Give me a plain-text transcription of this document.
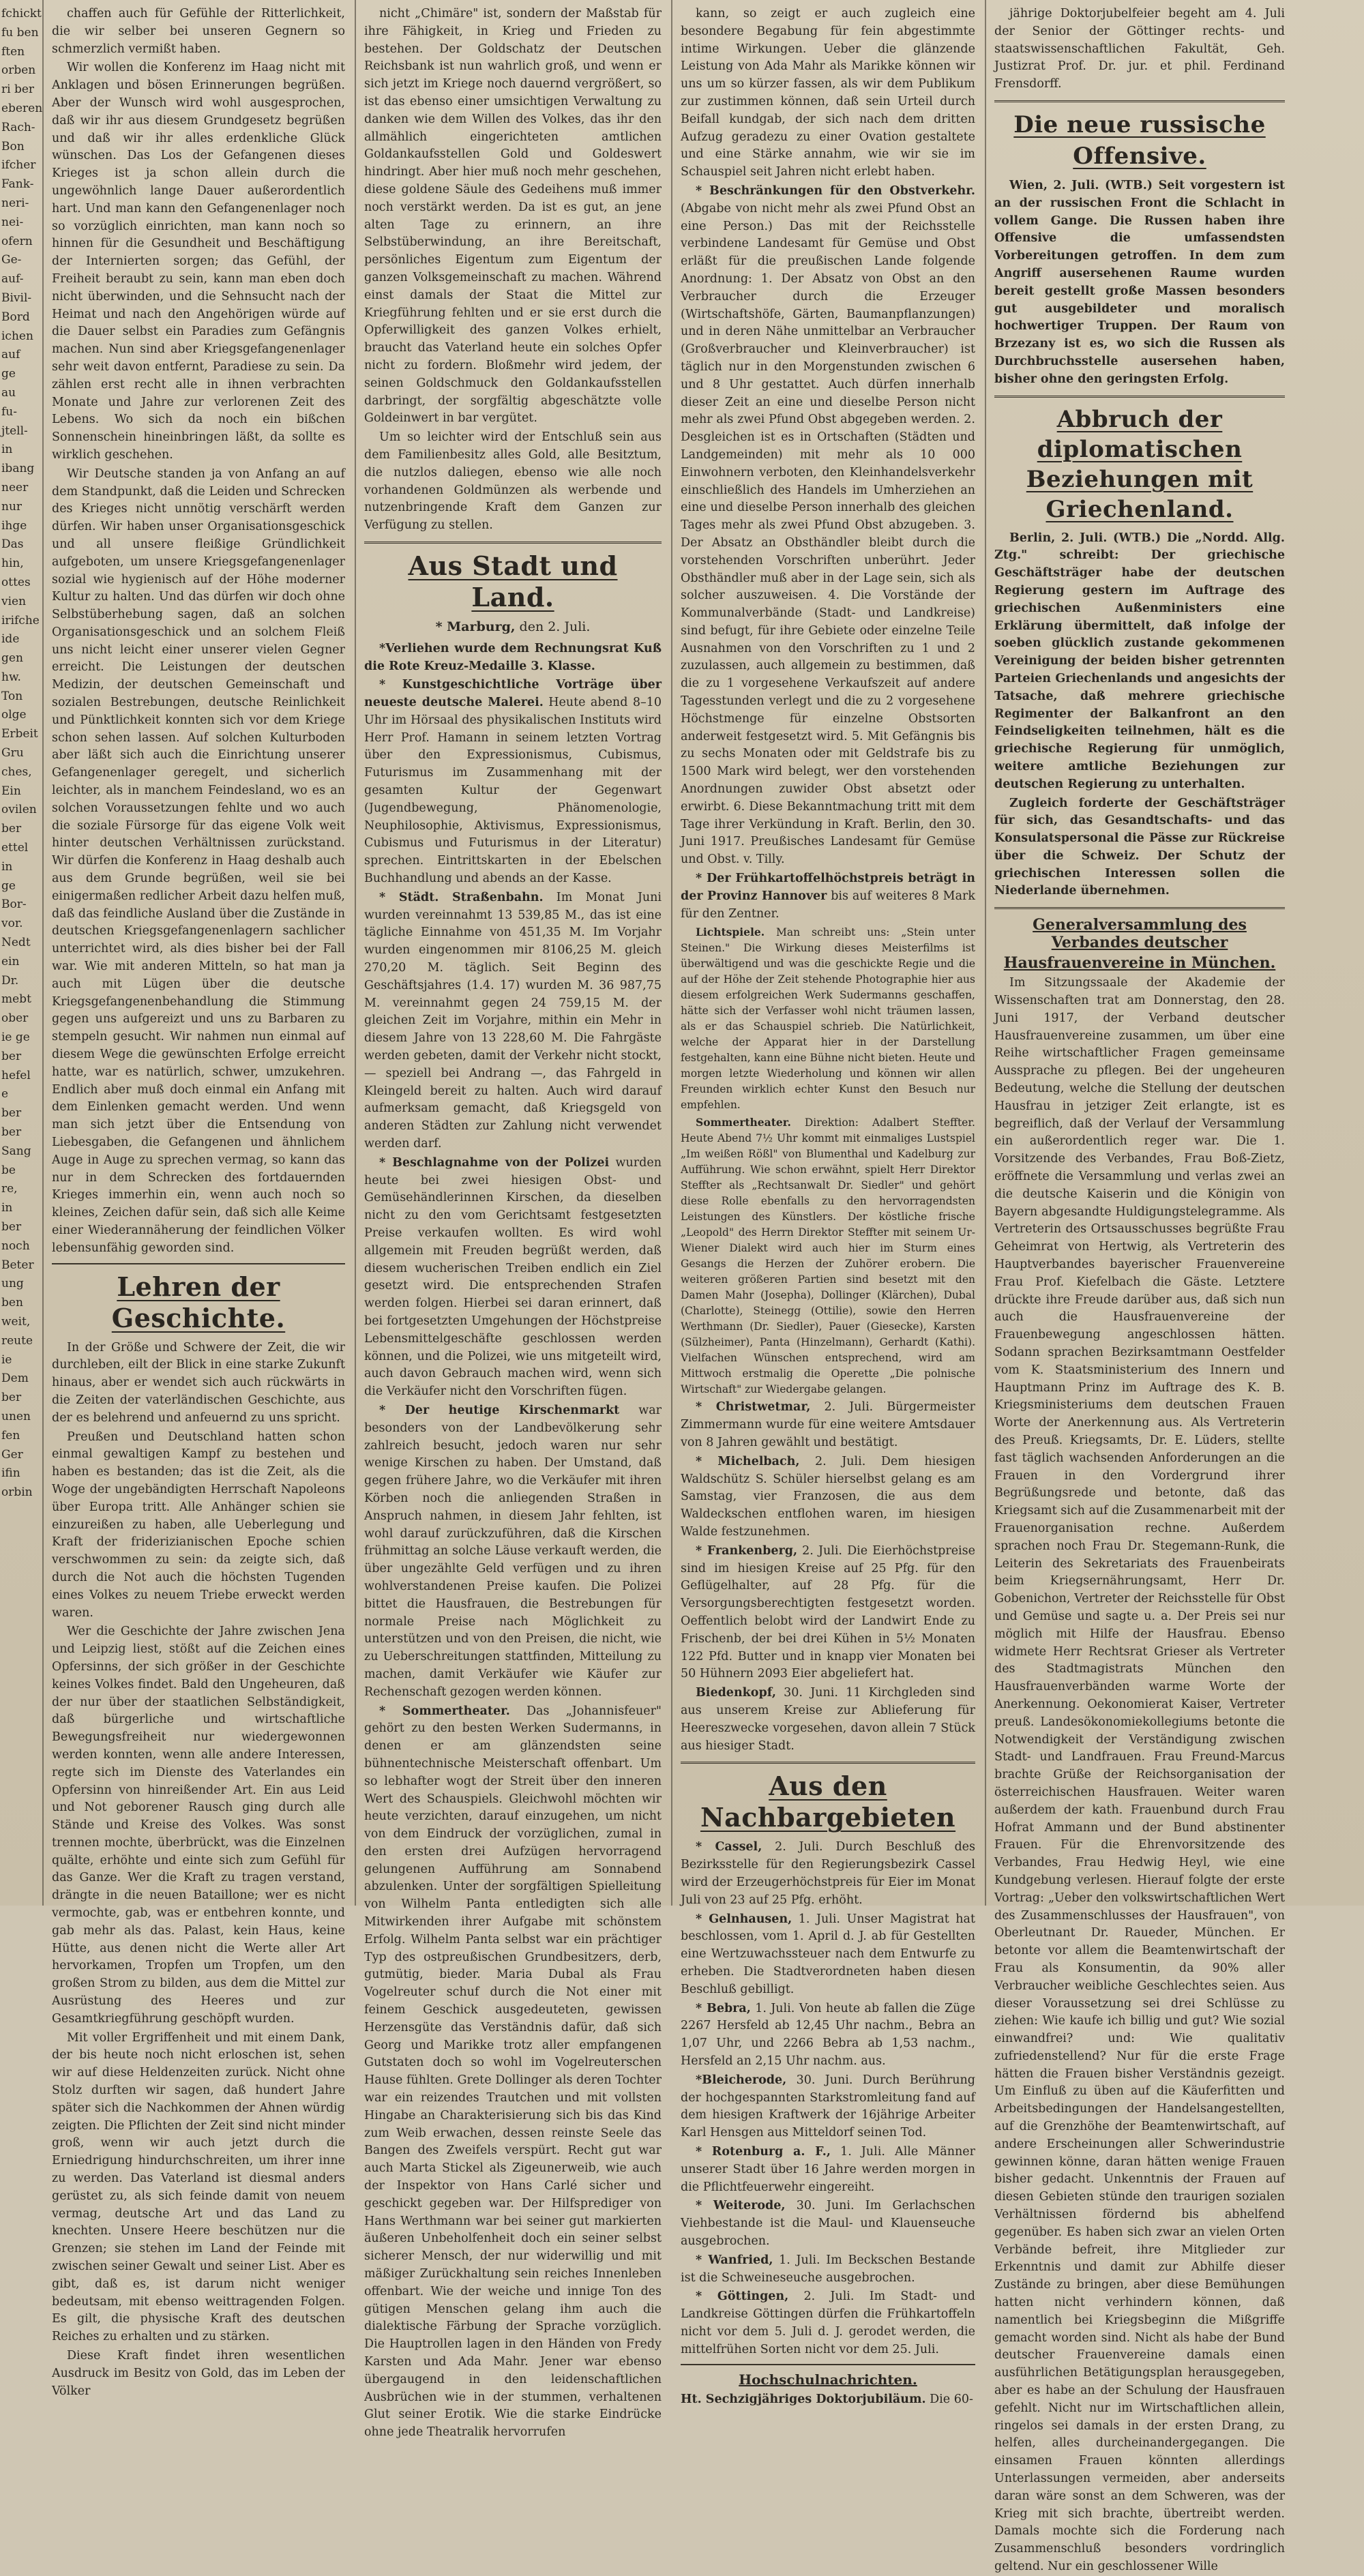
fchickt

fu ben

ften

orben

ri ber

eberen

Rach-

Bon

ifcher

Fank-

neri-

nei-

ofern

Ge-

auf-

Bivil-

Bord

ichen

auf

ge

au

fu-

jtell-

in

ibang

neer

nur

ihge

Das

hin,

ottes

vien

irifche

ide

gen

hw.

Ton

olge

Erbeit

Gru

ches,

Ein

ovilen

ber

ettel

in

ge

Bor-

vor.

Nedt

ein

Dr.

mebt

ober

ie ge

ber

hefel

e

ber

ber

Sang

be

re,

in

ber

noch

Beter

ung

ben

weit,

reute

ie

Dem

ber

unen

fen

Ger

ifin

orbin

chaffen auch für Gefühle der Ritterlichkeit, die wir selber bei unseren Gegnern so schmerzlich vermißt haben.

Wir wollen die Konferenz im Haag nicht mit Anklagen und bösen Erinnerungen begrüßen. Aber der Wunsch wird wohl ausgesprochen, daß wir ihr aus diesem Grundgesetz begrüßen und daß wir ihr alles erdenkliche Glück wünschen. Das Los der Gefangenen dieses Krieges ist ja schon allein durch die ungewöhnlich lange Dauer außerordentlich hart. Und man kann den Gefangenenlager noch so vorzüglich einrichten, man kann noch so hinnen für die Gesundheit und Beschäftigung der Internierten sorgen; das Gefühl, der Freiheit beraubt zu sein, kann man eben doch nicht überwinden, und die Sehnsucht nach der Heimat und nach den Angehörigen würde auf die Dauer selbst ein Paradies zum Gefängnis machen. Nun sind aber Kriegsgefangenenlager sehr weit davon entfernt, Paradiese zu sein. Da zählen erst recht alle in ihnen verbrachten Monate und Jahre zur verlorenen Zeit des Lebens. Wo sich da noch ein bißchen Sonnenschein hineinbringen läßt, da sollte es wirklich geschehen.

Wir Deutsche standen ja von Anfang an auf dem Standpunkt, daß die Leiden und Schrecken des Krieges nicht unnötig verschärft werden dürfen. Wir haben unser Organisationsgeschick und all unsere fleißige Gründlichkeit aufgeboten, um unsere Kriegsgefangenenlager sozial wie hygienisch auf der Höhe moderner Kultur zu halten. Und das dürfen wir doch ohne Selbstüberhebung sagen, daß an solchen Organisationsgeschick und an solchem Fleiß uns nicht leicht einer unserer vielen Gegner erreicht. Die Leistungen der deutschen Medizin, der deutschen Gemeinschaft und sozialen Bestrebungen, deutsche Reinlichkeit und Pünktlichkeit konnten sich vor dem Kriege schon sehen lassen. Auf solchen Kulturboden aber läßt sich auch die Einrichtung unserer Gefangenenlager geregelt, und sicherlich leichter, als in manchem Feindesland, wo es an solchen Voraussetzungen fehlte und wo auch die soziale Fürsorge für das eigene Volk weit hinter deutschen Verhältnissen zurückstand. Wir dürfen die Konferenz in Haag deshalb auch aus dem Grunde begrüßen, weil sie bei einigermaßen redlicher Arbeit dazu helfen muß, daß das feindliche Ausland über die Zustände in deutschen Kriegsgefangenenlagern sachlicher unterrichtet wird, als dies bisher bei der Fall war. Wie mit anderen Mitteln, so hat man ja auch mit Lügen über die deutsche Kriegsgefangenenbehandlung die Stimmung gegen uns aufgereizt und uns zu Barbaren zu stempeln gesucht. Wir nahmen nun einmal auf diesem Wege die gewünschten Erfolge erreicht hatte, war es natürlich, schwer, umzukehren. Endlich aber muß doch einmal ein Anfang mit dem Einlenken gemacht werden. Und wenn man sich jetzt über die Entsendung von Liebesgaben, die Gefangenen und ähnlichem Auge in Auge zu sprechen vermag, so kann das nur in dem Schrecken des fortdauernden Krieges immerhin ein, wenn auch noch so kleines, Zeichen dafür sein, daß sich alle Keime einer Wiederannäherung der feindlichen Völker lebensunfähig geworden sind.

Lehren der Geschichte.

In der Größe und Schwere der Zeit, die wir durchleben, eilt der Blick in eine starke Zukunft hinaus, aber er wendet sich auch rückwärts in die Zeiten der vaterländischen Geschichte, aus der es belehrend und anfeuernd zu uns spricht.

Preußen und Deutschland hatten schon einmal gewaltigen Kampf zu bestehen und haben es bestanden; das ist die Zeit, als die Woge der ungebändigten Herrschaft Napoleons über Europa tritt. Alle Anhänger schien sie einzureißen zu haben, alle Ueberlegung und Kraft der friderizianischen Epoche schien verschwommen zu sein: da zeigte sich, daß durch die Not auch die höchsten Tugenden eines Volkes zu neuem Triebe erweckt werden waren.

Wer die Geschichte der Jahre zwischen Jena und Leipzig liest, stößt auf die Zeichen eines Opfersinns, der sich größer in der Geschichte keines Volkes findet. Bald den Ungeheuren, daß der nur über der staatlichen Selbständigkeit, daß bürgerliche und wirtschaftliche Bewegungsfreiheit nur wiedergewonnen werden konnten, wenn alle andere Interessen, regte sich im Dienste des Vaterlandes ein Opfersinn von hinreißender Art. Ein aus Leid und Not geborener Rausch ging durch alle Stände und Kreise des Volkes. Was sonst trennen mochte, überbrückt, was die Einzelnen quälte, erhöhte und einte sich zum Gefühl für das Ganze. Wer die Kraft zu tragen verstand, drängte in die neuen Bataillone; wer es nicht vermochte, gab, was er entbehren konnte, und gab mehr als das. Palast, kein Haus, keine Hütte, aus denen nicht die Werte aller Art hervorkamen, Tropfen um Tropfen, um den großen Strom zu bilden, aus dem die Mittel zur Ausrüstung des Heeres und zur Gesamtkriegführung geschöpft wurden.

Mit voller Ergriffenheit und mit einem Dank, der bis heute noch nicht erloschen ist, sehen wir auf diese Heldenzeiten zurück. Nicht ohne Stolz durften wir sagen, daß hundert Jahre später sich die Nachkommen der Ahnen würdig zeigten. Die Pflichten der Zeit sind nicht minder groß, wenn wir auch jetzt durch die Erniedrigung hindurchschreiten, um ihrer inne zu werden. Das Vaterland ist diesmal anders gerüstet zu, als sich feinde damit von neuem vermag, deutsche Art und das Land zu knechten. Unsere Heere beschützen nur die Grenzen; sie stehen im Land der Feinde mit zwischen seiner Gewalt und seiner List. Aber es gibt, daß es, ist darum nicht weniger bedeutsam, mit ebenso weittragenden Folgen. Es gilt, die physische Kraft des deutschen Reiches zu erhalten und zu stärken.

Diese Kraft findet ihren wesentlichen Ausdruck im Besitz von Gold, das im Leben der Völker

nicht „Chimäre" ist, sondern der Maßstab für ihre Fähigkeit, in Krieg und Frieden zu bestehen. Der Goldschatz der Deutschen Reichsbank ist nun wahrlich groß, und wenn er sich jetzt im Kriege noch dauernd vergrößert, so ist das ebenso einer umsichtigen Verwaltung zu danken wie dem Willen des Volkes, das ihr den allmählich eingerichteten amtlichen Goldankaufsstellen Gold und Goldeswert hindringt. Aber hier muß noch mehr geschehen, diese goldene Säule des Gedeihens muß immer noch verstärkt werden. Da ist es gut, an jene alten Tage zu erinnern, an ihre Selbstüberwindung, an ihre Bereitschaft, persönliches Eigentum zum Eigentum der ganzen Volksgemeinschaft zu machen. Während einst damals der Staat die Mittel zur Kriegführung fehlten und er sie erst durch die Opferwilligkeit des ganzen Volkes erhielt, braucht das Vaterland heute ein solches Opfer nicht zu fordern. Bloßmehr wird jedem, der seinen Goldschmuck den Goldankaufsstellen darbringt, der sorgfältig abgeschätzte volle Goldeinwert in bar vergütet.

Um so leichter wird der Entschluß sein aus dem Familienbesitz alles Gold, alle Besitztum, die nutzlos daliegen, ebenso wie alle noch vorhandenen Goldmünzen als werbende und nutzenbringende Kraft dem Ganzen zur Verfügung zu stellen.

Aus Stadt und Land.
* Marburg, den 2. Juli.

*Verliehen wurde dem Rechnungsrat Kuß die Rote Kreuz-Medaille 3. Klasse.

* Kunstgeschichtliche Vorträge über neueste deutsche Malerei. Heute abend 8–10 Uhr im Hörsaal des physikalischen Instituts wird Herr Prof. Hamann in seinem letzten Vortrag über den Expressionismus, Cubismus, Futurismus im Zusammenhang mit der gesamten Kultur der Gegenwart (Jugendbewegung, Phänomenologie, Neuphilosophie, Aktivismus, Expressionismus, Cubismus und Futurismus in der Literatur) sprechen. Eintrittskarten in der Ebelschen Buchhandlung und abends an der Kasse.

* Städt. Straßenbahn. Im Monat Juni wurden vereinnahmt 13 539,85 M., das ist eine tägliche Einnahme von 451,35 M. Im Vorjahr wurden eingenommen mir 8106,25 M. gleich 270,20 M. täglich. Seit Beginn des Geschäftsjahres (1.4. 17) wurden M. 36 987,75 M. vereinnahmt gegen 24 759,15 M. der gleichen Zeit im Vorjahre, mithin ein Mehr in diesem Jahre von 13 228,60 M. Die Fahrgäste werden gebeten, damit der Verkehr nicht stockt, — speziell bei Andrang —, das Fahrgeld in Kleingeld bereit zu halten. Auch wird darauf aufmerksam gemacht, daß Kriegsgeld von anderen Städten zur Zahlung nicht verwendet werden darf.

* Beschlagnahme von der Polizei wurden heute bei zwei hiesigen Obst- und Gemüsehändlerinnen Kirschen, da dieselben nicht zu den vom Gerichtsamt festgesetzten Preise verkaufen wollten. Es wird wohl allgemein mit Freuden begrüßt werden, daß diesem wucherischen Treiben endlich ein Ziel gesetzt wird. Die entsprechenden Strafen werden folgen. Hierbei sei daran erinnert, daß bei fortgesetzten Umgehungen der Höchstpreise Lebensmittelgeschäfte geschlossen werden können, und die Polizei, wie uns mitgeteilt wird, auch davon Gebrauch machen wird, wenn sich die Verkäufer nicht den Vorschriften fügen.

* Der heutige Kirschenmarkt war besonders von der Landbevölkerung sehr zahlreich besucht, jedoch waren nur sehr wenige Kirschen zu haben. Der Umstand, daß gegen frühere Jahre, wo die Verkäufer mit ihren Körben noch die anliegenden Straßen in Anspruch nahmen, in diesem Jahr fehlten, ist wohl darauf zurückzuführen, daß die Kirschen frühmittag an solche Läuse verkauft werden, die über ungezählte Geld verfügen und zu ihren wohlverstandenen Preise kaufen. Die Polizei bittet die Hausfrauen, die Bestrebungen für normale Preise nach Möglichkeit zu unterstützen und von den Preisen, die nicht, wie zu Ueberschreitungen stattfinden, Mitteilung zu machen, damit Verkäufer wie Käufer zur Rechenschaft gezogen werden können.

* Sommertheater. Das „Johannisfeuer" gehört zu den besten Werken Sudermanns, in denen er am glänzendsten seine bühnentechnische Meisterschaft offenbart. Um so lebhafter wogt der Streit über den inneren Wert des Schauspiels. Gleichwohl möchten wir heute verzichten, darauf einzugehen, um nicht von dem Eindruck der vorzüglichen, zumal in den ersten drei Aufzügen hervorragend gelungenen Aufführung am Sonnabend abzulenken. Unter der sorgfältigen Spielleitung von Wilhelm Panta entledigten sich alle Mitwirkenden ihrer Aufgabe mit schönstem Erfolg. Wilhelm Panta selbst war ein prächtiger Typ des ostpreußischen Grundbesitzers, derb, gutmütig, bieder. Maria Dubal als Frau Vogelreuter schuf durch die Not einer mit feinem Geschick ausgedeuteten, gewissen Herzensgüte das Verständnis dafür, daß sich Georg und Marikke trotz aller empfangenen Gutstaten doch so wohl im Vogelreuterschen Hause fühlten. Grete Dollinger als deren Tochter war ein reizendes Trautchen und mit vollsten Hingabe an Charakterisierung sich bis das Kind zum Weib erwachen, dessen reinste Seele das Bangen des Zweifels verspürt. Recht gut war auch Marta Stickel als Zigeunerweib, wie auch der Inspektor von Hans Carlé sicher und geschickt gegeben war. Der Hilfsprediger von Hans Werthmann war bei seiner gut markierten äußeren Unbeholfenheit doch ein seiner selbst sicherer Mensch, der nur widerwillig und mit mäßiger Zurückhaltung sein reiches Innenleben offenbart. Wie der weiche und innige Ton des gütigen Menschen gelang ihm auch die dialektische Färbung der Sprache vorzüglich. Die Hauptrollen lagen in den Händen von Fredy Karsten und Ada Mahr. Jener war ebenso übergaugend in den leidenschaftlichen Ausbrüchen wie in der stummen, verhaltenen Glut seiner Erotik. Wie die starke Eindrücke ohne jede Theatralik hervorrufen

kann, so zeigt er auch zugleich eine besondere Begabung für fein abgestimmte intime Wirkungen. Ueber die glänzende Leistung von Ada Mahr als Marikke können wir uns um so kürzer fassen, als wir dem Publikum zur zustimmen können, daß sein Urteil durch Beifall kundgab, der sich nach dem dritten Aufzug geradezu zu einer Ovation gestaltete und eine Stärke annahm, wie wir sie im Schauspiel seit Jahren nicht erlebt haben.

* Beschränkungen für den Obstverkehr. (Abgabe von nicht mehr als zwei Pfund Obst an eine Person.) Das mit der Reichsstelle verbindene Landesamt für Gemüse und Obst erläßt für die preußischen Lande folgende Anordnung: 1. Der Absatz von Obst an den Verbraucher durch die Erzeuger (Wirtschaftshöfe, Gärten, Baumanpflanzungen) und in deren Nähe unmittelbar an Verbraucher (Großverbraucher und Kleinverbraucher) ist täglich nur in den Morgenstunden zwischen 6 und 8 Uhr gestattet. Auch dürfen innerhalb dieser Zeit an eine und dieselbe Person nicht mehr als zwei Pfund Obst abgegeben werden. 2. Desgleichen ist es in Ortschaften (Städten und Landgemeinden) mit mehr als 10 000 Einwohnern verboten, den Kleinhandelsverkehr einschließlich des Handels im Umherziehen an eine und dieselbe Person innerhalb des gleichen Tages mehr als zwei Pfund Obst abzugeben. 3. Der Absatz an Obsthändler bleibt durch die vorstehenden Vorschriften unberührt. Jeder Obsthändler muß aber in der Lage sein, sich als solcher auszuweisen. 4. Die Vorstände der Kommunalverbände (Stadt- und Landkreise) sind befugt, für ihre Gebiete oder einzelne Teile Ausnahmen von den Vorschriften zu 1 und 2 zuzulassen, auch allgemein zu bestimmen, daß die zu 1 vorgesehene Verkaufszeit auf andere Tagesstunden verlegt und die zu 2 vorgesehene Höchstmenge für einzelne Obstsorten anderweit festgesetzt wird. 5. Mit Gefängnis bis zu sechs Monaten oder mit Geldstrafe bis zu 1500 Mark wird belegt, wer den vorstehenden Anordnungen zuwider Obst absetzt oder erwirbt. 6. Diese Bekanntmachung tritt mit dem Tage ihrer Verkündung in Kraft. Berlin, den 30. Juni 1917. Preußisches Landesamt für Gemüse und Obst. v. Tilly.

* Der Frühkartoffelhöchstpreis beträgt in der Provinz Hannover bis auf weiteres 8 Mark für den Zentner.

Lichtspiele. Man schreibt uns: „Stein unter Steinen." Die Wirkung dieses Meisterfilms ist überwältigend und was die geschickte Regie und die auf der Höhe der Zeit stehende Photographie hier aus diesem erfolgreichen Werk Sudermanns geschaffen, hätte sich der Verfasser wohl nicht träumen lassen, als er das Schauspiel schrieb. Die Natürlichkeit, welche der Apparat hier in der Darstellung festgehalten, kann eine Bühne nicht bieten. Heute und morgen letzte Wiederholung und können wir allen Freunden wirklich echter Kunst den Besuch nur empfehlen.

Sommertheater. Direktion: Adalbert Steffter. Heute Abend 7½ Uhr kommt mit einmaliges Lustspiel „Im weißen Rößl" von Blumenthal und Kadelburg zur Aufführung. Wie schon erwähnt, spielt Herr Direktor Steffter als „Rechtsanwalt Dr. Siedler" und gehört diese Rolle ebenfalls zu den hervorragendsten Leistungen des Künstlers. Der köstliche frische „Leopold" des Herrn Direktor Steffter mit seinem Ur-Wiener Dialekt wird auch hier im Sturm eines Gesangs die Herzen der Zuhörer erobern. Die weiteren größeren Partien sind besetzt mit den Damen Mahr (Josepha), Dollinger (Klärchen), Dubal (Charlotte), Steinegg (Ottilie), sowie den Herren Werthmann (Dr. Siedler), Pauer (Giesecke), Karsten (Sülzheimer), Panta (Hinzelmann), Gerhardt (Kathi). Vielfachen Wünschen entsprechend, wird am Mittwoch erstmalig die Operette „Die polnische Wirtschaft" zur Wiedergabe gelangen.

* Christwetmar, 2. Juli. Bürgermeister Zimmermann wurde für eine weitere Amtsdauer von 8 Jahren gewählt und bestätigt.

* Michelbach, 2. Juli. Dem hiesigen Waldschütz S. Schüler hierselbst gelang es am Samstag, vier Franzosen, die aus dem Waldeckschen entflohen waren, im hiesigen Walde festzunehmen.

* Frankenberg, 2. Juli. Die Eierhöchstpreise sind im hiesigen Kreise auf 25 Pfg. für den Geflügelhalter, auf 28 Pfg. für die Versorgungsberechtigten festgesetzt worden. Oeffentlich belobt wird der Landwirt Ende zu Frischenb, der bei drei Kühen in 5½ Monaten 122 Pfd. Butter und in knapp vier Monaten bei 50 Hühnern 2093 Eier abgeliefert hat.

Biedenkopf, 30. Juni. 11 Kirchgleden sind aus unserem Kreise zur Ablieferung für Heereszwecke vorgesehen, davon allein 7 Stück aus hiesiger Stadt.

Aus den Nachbargebieten

* Cassel, 2. Juli. Durch Beschluß des Bezirksstelle für den Regierungsbezirk Cassel wird der Erzeugerhöchstpreis für Eier im Monat Juli von 23 auf 25 Pfg. erhöht.

* Gelnhausen, 1. Juli. Unser Magistrat hat beschlossen, vom 1. April d. J. ab für Gestellten eine Wertzuwachssteuer nach dem Entwurfe zu erheben. Die Stadtverordneten haben diesen Beschluß gebilligt.

* Bebra, 1. Juli. Von heute ab fallen die Züge 2267 Hersfeld ab 12,45 Uhr nachm., Bebra an 1,07 Uhr, und 2266 Bebra ab 1,53 nachm., Hersfeld an 2,15 Uhr nachm. aus.

*Bleicherode, 30. Juni. Durch Berührung der hochgespannten Starkstromleitung fand auf dem hiesigen Kraftwerk der 16jährige Arbeiter Karl Hensgen aus Mitteldorf seinen Tod.

* Rotenburg a. F., 1. Juli. Alle Männer unserer Stadt über 16 Jahre werden morgen in die Pflichtfeuerwehr eingereiht.

* Weiterode, 30. Juni. Im Gerlachschen Viehbestande ist die Maul- und Klauenseuche ausgebrochen.

* Wanfried, 1. Juli. Im Beckschen Bestande ist die Schweineseuche ausgebrochen.

* Göttingen, 2. Juli. Im Stadt- und Landkreise Göttingen dürfen die Frühkartoffeln nicht vor dem 5. Juli d. J. gerodet werden, die mittelfrühen Sorten nicht vor dem 25. Juli.

Hochschulnachrichten.

Ht. Sechzigjähriges Doktorjubiläum. Die 60-

jährige Doktorjubelfeier begeht am 4. Juli der Senior der Göttinger rechts- und staatswissenschaftlichen Fakultät, Geh. Justizrat Prof. Dr. jur. et phil. Ferdinand Frensdorff.

Die neue russische Offensive.

Wien, 2. Juli. (WTB.) Seit vorgestern ist an der russischen Front die Schlacht in vollem Gange. Die Russen haben ihre Offensive die umfassendsten Vorbereitungen getroffen. In dem zum Angriff ausersehenen Raume wurden bereit gestellt große Massen besonders gut ausgebildeter und moralisch hochwertiger Truppen. Der Raum von Brzezany ist es, wo sich die Russen als Durchbruchsstelle ausersehen haben, bisher ohne den geringsten Erfolg.

Abbruch der diplomatischen Beziehungen mit Griechenland.

Berlin, 2. Juli. (WTB.) Die „Nordd. Allg. Ztg." schreibt: Der griechische Geschäftsträger habe der deutschen Regierung gestern im Auftrage des griechischen Außenministers eine Erklärung übermittelt, daß infolge der soeben glücklich zustande gekommenen Vereinigung der beiden bisher getrennten Parteien Griechenlands und angesichts der Tatsache, daß mehrere griechische Regimenter der Balkanfront an den Feindseligkeiten teilnehmen, hält es die griechische Regierung für unmöglich, weitere amtliche Beziehungen zur deutschen Regierung zu unterhalten.

Zugleich forderte der Geschäftsträger für sich, das Gesandtschafts- und das Konsulatspersonal die Pässe zur Rückreise über die Schweiz. Der Schutz der griechischen Interessen sollen die Niederlande übernehmen.

Generalversammlung des Verbandes deutscher
Hausfrauenvereine in München.

Im Sitzungssaale der Akademie der Wissenschaften trat am Donnerstag, den 28. Juni 1917, der Verband deutscher Hausfrauenvereine zusammen, um über eine Reihe wirtschaftlicher Fragen gemeinsame Aussprache zu pflegen. Bei der ungeheuren Bedeutung, welche die Stellung der deutschen Hausfrau in jetziger Zeit erlangte, ist es begreiflich, daß der Verlauf der Versammlung ein außerordentlich reger war. Die 1. Vorsitzende des Verbandes, Frau Boß-Zietz, eröffnete die Versammlung und verlas zwei an die deutsche Kaiserin und die Königin von Bayern abgesandte Huldigungstelegramme. Als Vertreterin des Ortsausschusses begrüßte Frau Geheimrat von Hertwig, als Vertreterin des Hauptverbandes bayerischer Frauenvereine Frau Prof. Kiefelbach die Gäste. Letztere drückte ihre Freude darüber aus, daß sich nun auch die Hausfrauenvereine der Frauenbewegung angeschlossen hätten. Sodann sprachen Bezirksamtmann Oestfelder vom K. Staatsministerium des Innern und Hauptmann Prinz im Auftrage des K. B. Kriegsministeriums dem deutschen Frauen Worte der Anerkennung aus. Als Vertreterin des Preuß. Kriegsamts, Dr. E. Lüders, stellte fast täglich wachsenden Anforderungen an die Frauen in den Vordergrund ihrer Begrüßungsrede und betonte, daß das Kriegsamt sich auf die Zusammenarbeit mit der Frauenorganisation rechne. Außerdem sprachen noch Frau Dr. Stegemann-Runk, die Leiterin des Sekretariats des Frauenbeirats beim Kriegsernährungsamt, Herr Dr. Gobenichon, Vertreter der Reichsstelle für Obst und Gemüse und sagte u. a. Der Preis sei nur möglich mit Hilfe der Hausfrau. Ebenso widmete Herr Rechtsrat Grieser als Vertreter des Stadtmagistrats München den Hausfrauenverbänden warme Worte der Anerkennung. Oekonomierat Kaiser, Vertreter preuß. Landesökonomiekollegiums betonte die Notwendigkeit der Verständigung zwischen Stadt- und Landfrauen. Frau Freund-Marcus brachte Grüße der Reichsorganisation der österreichischen Hausfrauen. Weiter waren außerdem der kath. Frauenbund durch Frau Hofrat Ammann und der Bund abstinenter Frauen. Für die Ehrenvorsitzende des Verbandes, Frau Hedwig Heyl, wie eine Kundgebung verlesen. Hierauf folgte der erste Vortrag: „Ueber den volkswirtschaftlichen Wert des Zusammenschlusses der Hausfrauen", von Oberleutnant Dr. Raueder, München. Er betonte vor allem die Beamtenwirtschaft der Frau als Konsumentin, da 90% aller Verbraucher weibliche Geschlechtes seien. Aus dieser Voraussetzung sei drei Schlüsse zu ziehen: Wie kaufe ich billig und gut? Wie sozial einwandfrei? und: Wie qualitativ zufriedenstellend? Nur für die erste Frage hätten die Frauen bisher Verständnis gezeigt. Um Einfluß zu üben auf die Käuferfitten und Arbeitsbedingungen der Handelsangestellten, auf die Grenzhöhe der Beamtenwirtschaft, auf andere Erscheinungen aller Schwerindustrie gewinnen könne, daran hätten wenige Frauen bisher gedacht. Unkenntnis der Frauen auf diesen Gebieten stünde den traurigen sozialen Verhältnissen fördernd bis abhelfend gegenüber. Es haben sich zwar an vielen Orten Verbände befreit, ihre Mitglieder zur Erkenntnis und damit zur Abhilfe dieser Zustände zu bringen, aber diese Bemühungen hatten nicht verhindern können, daß namentlich bei Kriegsbeginn die Mißgriffe gemacht worden sind. Nicht als habe der Bund deutscher Frauenvereine damals einen ausführlichen Betätigungsplan herausgegeben, aber es habe an der Schulung der Hausfrauen gefehlt. Nicht nur im Wirtschaftlichen allein, ringelos sei damals in der ersten Drang, zu helfen, alles durcheinandergegangen. Die einsamen Frauen könnten allerdings Unterlassungen vermeiden, aber anderseits daran wäre sonst an dem Schweren, was der Krieg mit sich brachte, übertreibt werden. Damals mochte sich die Forderung nach Zusammenschluß besonders vordringlich geltend. Nur ein geschlossener Wille
